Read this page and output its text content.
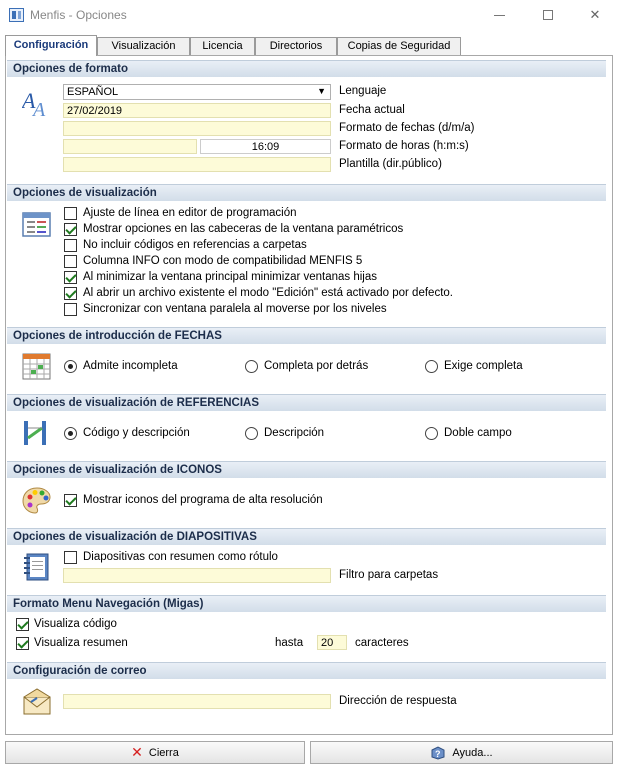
Menfis - Opciones	✕
Configuración	Visualización	Licencia	Directorios	Copias de Seguridad
Opciones de formato
A
A
ESPAÑOL	▼ Lenguaje
27/02/2019	Fecha actual
Formato de fechas (d/m/a)
16:09	Formato de horas (h:m:s)
Plantilla (dir.público)
Opciones de visualización
Ajuste de línea en editor de programación
Mostrar opciones en las cabeceras de la ventana paramétricos
No incluir códigos en referencias a carpetas
Columna INFO con modo de compatibilidad MENFIS 5
Al minimizar la ventana principal minimizar ventanas hijas
Al abrir un archivo existente el modo "Edición" está activado por defecto.
Sincronizar con ventana paralela al moverse por los niveles
Opciones de introducción de FECHAS
Admite incompleta	Completa por detrás	Exige completa
Opciones de visualización de REFERENCIAS
Código y descripción	Descripción	Doble campo
Opciones de visualización de ICONOS
Mostrar iconos del programa de alta resolución
Opciones de visualización de DIAPOSITIVAS
Diapositivas con resumen como rótulo
Filtro para carpetas
Formato Menu Navegación (Migas)
Visualiza código
Visualiza resumen	hasta	20	caracteres
Configuración de correo
Dirección de respuesta
✕ Cierra	? Ayuda...
